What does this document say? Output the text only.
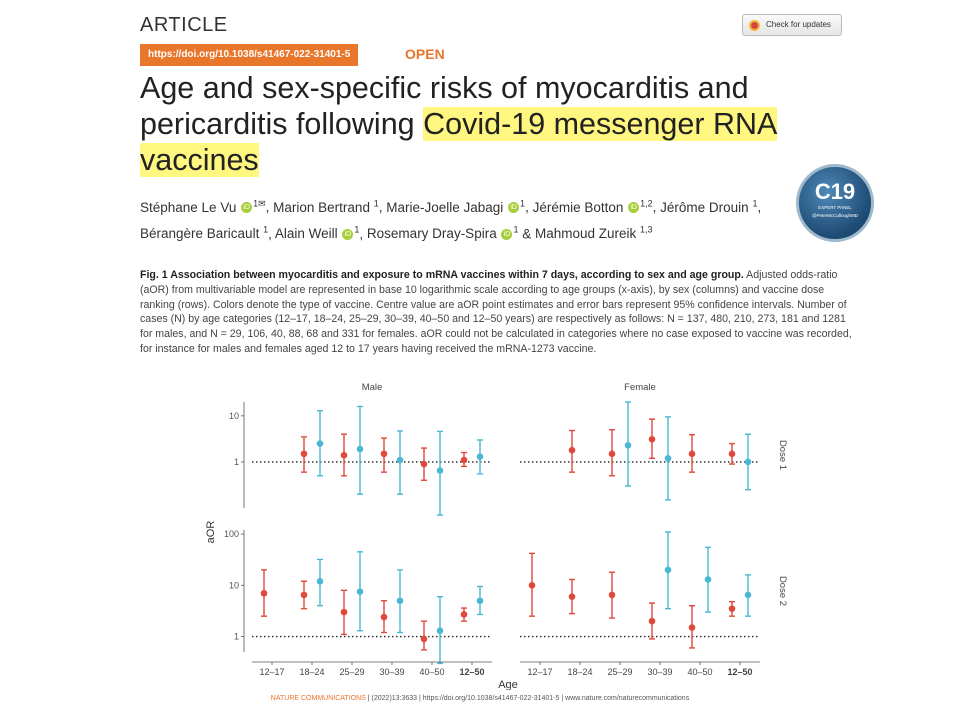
ARTICLE
https://doi.org/10.1038/s41467-022-31401-5	OPEN
Check for updates
Age and sex-specific risks of myocarditis and pericarditis following Covid-19 messenger RNA
vaccines
Stéphane Le Vu iD $^{1✉}$, Marion Bertrand $^1$, Marie-Joelle Jabagi iD $^1$, Jérémie Botton iD $^{1,2}$, Jérôme Drouin $^1$, Bérangère Baricault $^1$, Alain Weill iD $^1$, Rosemary Dray-Spira iD $^1$ & Mahmoud Zureik $^{1,3}$
C19
EXPERT PANEL
@PeterMcCulloughMD
Fig. 1 Association between myocarditis and exposure to mRNA vaccines within 7 days, according to sex and age group. Adjusted odds-ratio (aOR) from multivariable model are represented in base 10 logarithmic scale according to age groups (x-axis), by sex (columns) and vaccine dose ranking (rows). Colors denote the type of vaccine. Centre value are aOR point estimates and error bars represent 95% confidence intervals. Number of cases (N) by age categories (12–17, 18–24, 25–29, 30–39, 40–50 and 12–50 years) are respectively as follows: N = 137, 480, 210, 273, 181 and 1281 for males, and N = 29, 106, 40, 88, 68 and 331 for females. aOR could not be calculated in categories where no case exposed to vaccine was recorded, for instance for males and females aged 12 to 17 years having received the mRNA-1273 vaccine.
1
10
1
10
100
Male	Female
Dose 1
Dose 2
12–17 18–24 25–29 30–39 40–50 12–50	12–17 18–24 25–29 30–39 40–50 12–50
Age
aOR
NATURE COMMUNICATIONS | (2022)13:3633 | https://doi.org/10.1038/s41467-022-31401-5 | www.nature.com/naturecommunications
